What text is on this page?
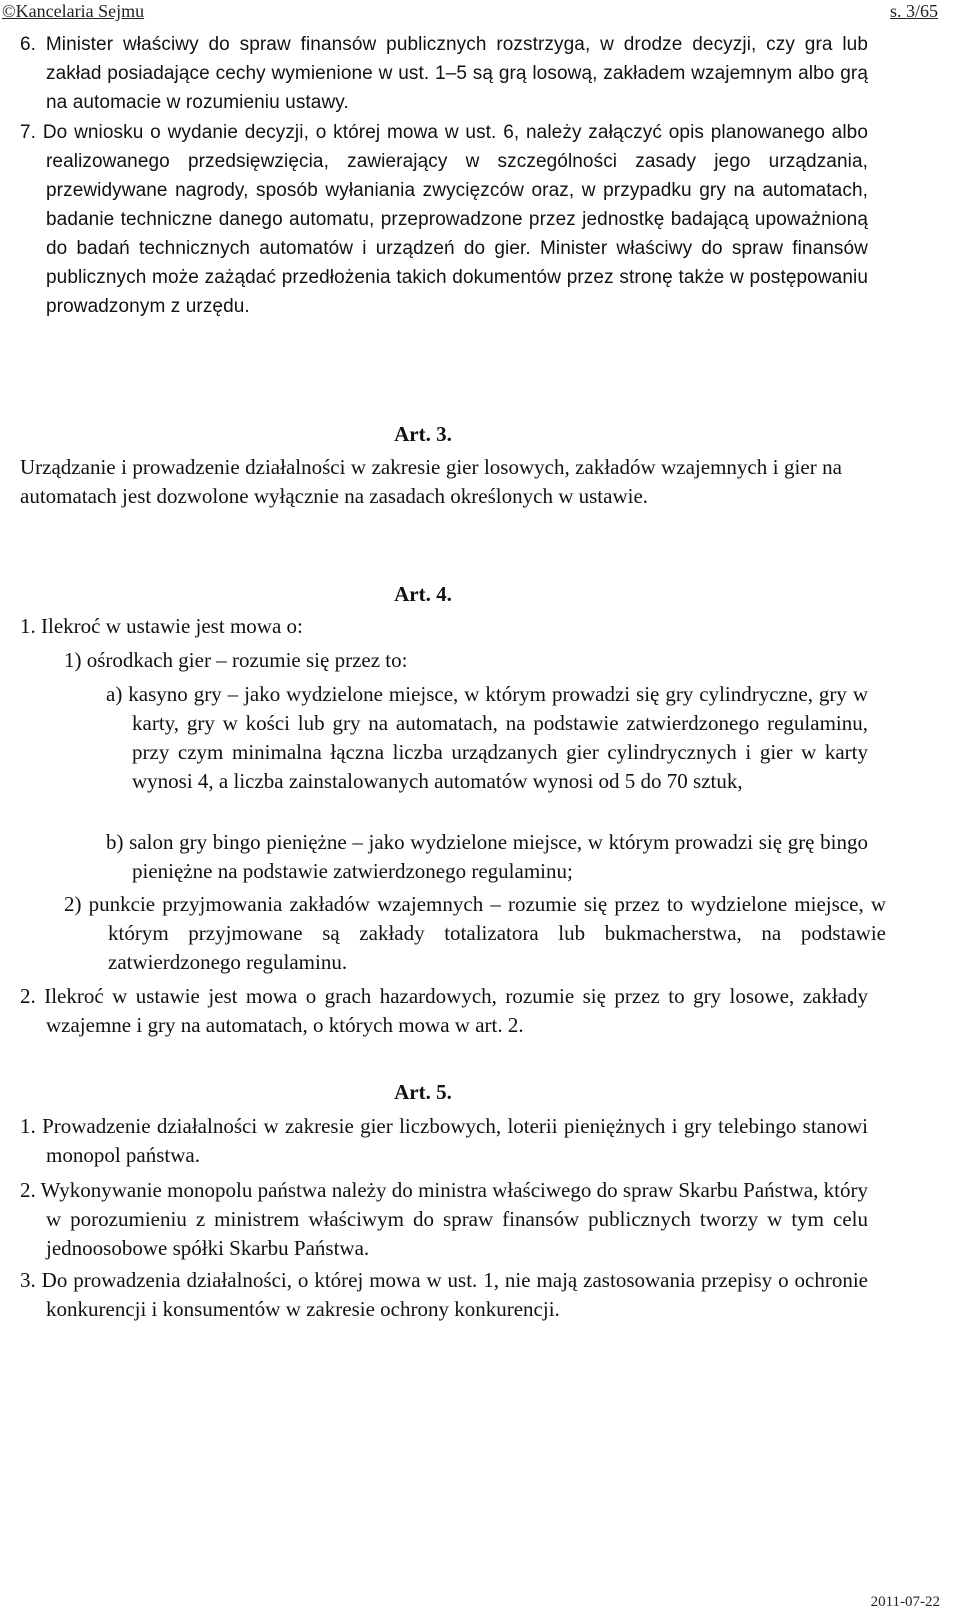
©Kancelaria Sejmu	s. 3/65

6. Minister właściwy do spraw finansów publicznych rozstrzyga, w drodze decyzji, czy gra lub zakład posiadające cechy wymienione w ust. 1–5 są grą losową, zakładem wzajemnym albo grą na automacie w rozumieniu ustawy.

7. Do wniosku o wydanie decyzji, o której mowa w ust. 6, należy załączyć opis planowanego albo realizowanego przedsięwzięcia, zawierający w szczególności zasady jego urządzania, przewidywane nagrody, sposób wyłaniania zwycięzców oraz, w przypadku gry na automatach, badanie techniczne danego automatu, przeprowadzone przez jednostkę badającą upoważnioną do badań technicznych automatów i urządzeń do gier. Minister właściwy do spraw finansów publicznych może zażądać przedłożenia takich dokumentów przez stronę także w postępowaniu prowadzonym z urzędu.

Art. 3.

Urządzanie i prowadzenie działalności w zakresie gier losowych, zakładów wzajemnych i gier na automatach jest dozwolone wyłącznie na zasadach określonych w ustawie.

Art. 4.

1. Ilekroć w ustawie jest mowa o:

1) ośrodkach gier – rozumie się przez to:

a) kasyno gry – jako wydzielone miejsce, w którym prowadzi się gry cylindryczne, gry w karty, gry w kości lub gry na automatach, na podstawie zatwierdzonego regulaminu, przy czym minimalna łączna liczba urządzanych gier cylindrycznych i gier w karty wynosi 4, a liczba zainstalowanych automatów wynosi od 5 do 70 sztuk,

b) salon gry bingo pieniężne – jako wydzielone miejsce, w którym prowadzi się grę bingo pieniężne na podstawie zatwierdzonego regulaminu;

2) punkcie przyjmowania zakładów wzajemnych – rozumie się przez to wydzielone miejsce, w którym przyjmowane są zakłady totalizatora lub bukmacherstwa, na podstawie zatwierdzonego regulaminu.

2. Ilekroć w ustawie jest mowa o grach hazardowych, rozumie się przez to gry losowe, zakłady wzajemne i gry na automatach, o których mowa w art. 2.

Art. 5.

1. Prowadzenie działalności w zakresie gier liczbowych, loterii pieniężnych i gry telebingo stanowi monopol państwa.

2. Wykonywanie monopolu państwa należy do ministra właściwego do spraw Skarbu Państwa, który w porozumieniu z ministrem właściwym do spraw finansów publicznych tworzy w tym celu jednoosobowe spółki Skarbu Państwa.

3. Do prowadzenia działalności, o której mowa w ust. 1, nie mają zastosowania przepisy o ochronie konkurencji i konsumentów w zakresie ochrony konkurencji.

2011-07-22
